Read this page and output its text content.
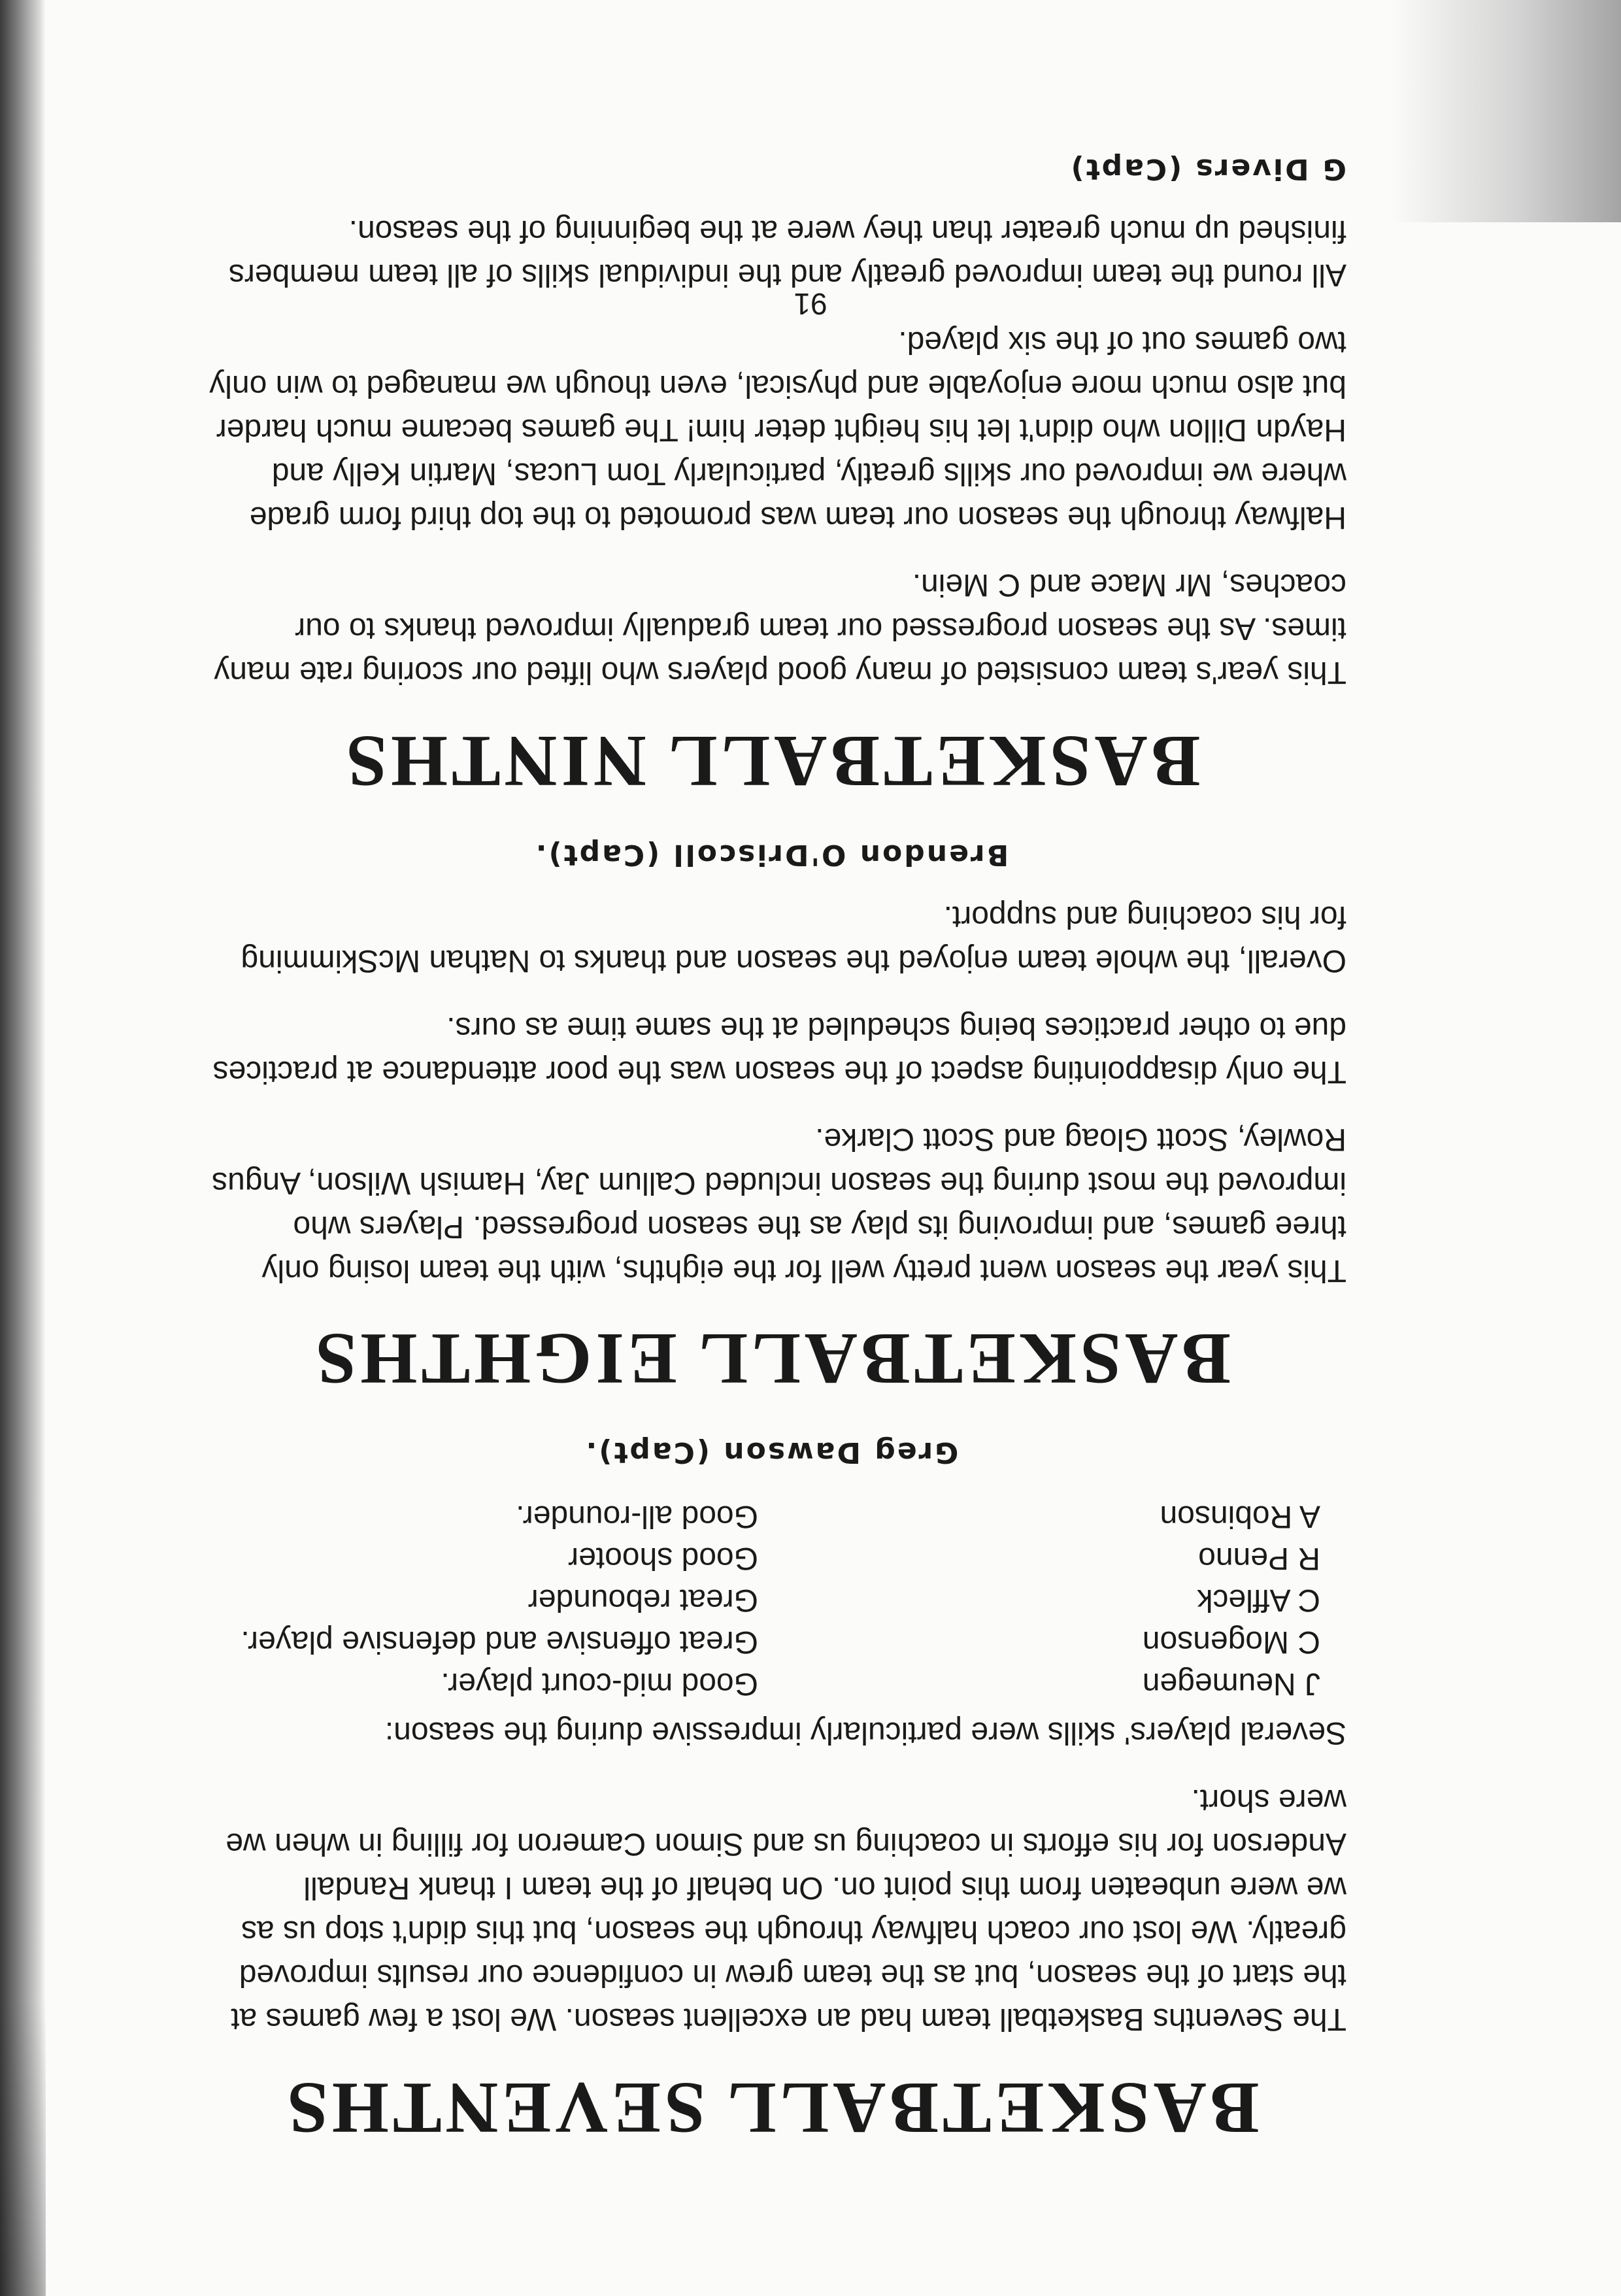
BASKETBALL SEVENTHS

The Sevenths Basketball team had an excellent season. We lost a few games at the start of the season, but as the team grew in confidence our results improved greatly. We lost our coach halfway through the season, but this didn't stop us as we were unbeaten from this point on. On behalf of the team I thank Randall Anderson for his efforts in coaching us and Simon Cameron for filling in when we were short.

Several players' skills were particularly impressive during the season:

J Neumegen	Good mid-court player.
C Mogenson	Great offensive and defensive player.
C Affleck	Great rebounder
R Penno	Good shooter
A Robinson	Good all-rounder.
Greg Dawson (Capt).
BASKETBALL EIGHTHS

This year the season went pretty well for the eighths, with the team losing only three games, and improving its play as the season progressed. Players who improved the most during the season included Callum Jay, Hamish Wilson, Angus Rowley, Scott Gloag and Scott Clarke.

The only disappointing aspect of the season was the poor attendance at practices due to other practices being scheduled at the same time as ours.

Overall, the whole team enjoyed the season and thanks to Nathan McSkimming for his coaching and support.

Brendon O'Driscoll (Capt).
BASKETBALL NINTHS

This year's team consisted of many good players who lifted our scoring rate many times. As the season progressed our team gradually improved thanks to our coaches, Mr Mace and C Mein.

Halfway through the season our team was promoted to the top third form grade where we improved our skills greatly, particularly Tom Lucas, Martin Kelly and Haydn Dillon who didn't let his height deter him! The games became much harder but also much more enjoyable and physical, even though we managed to win only two games out of the six played.

All round the team improved greatly and the individual skills of all team members finished up much greater than they were at the beginning of the season.

G Divers (Capt)
91
